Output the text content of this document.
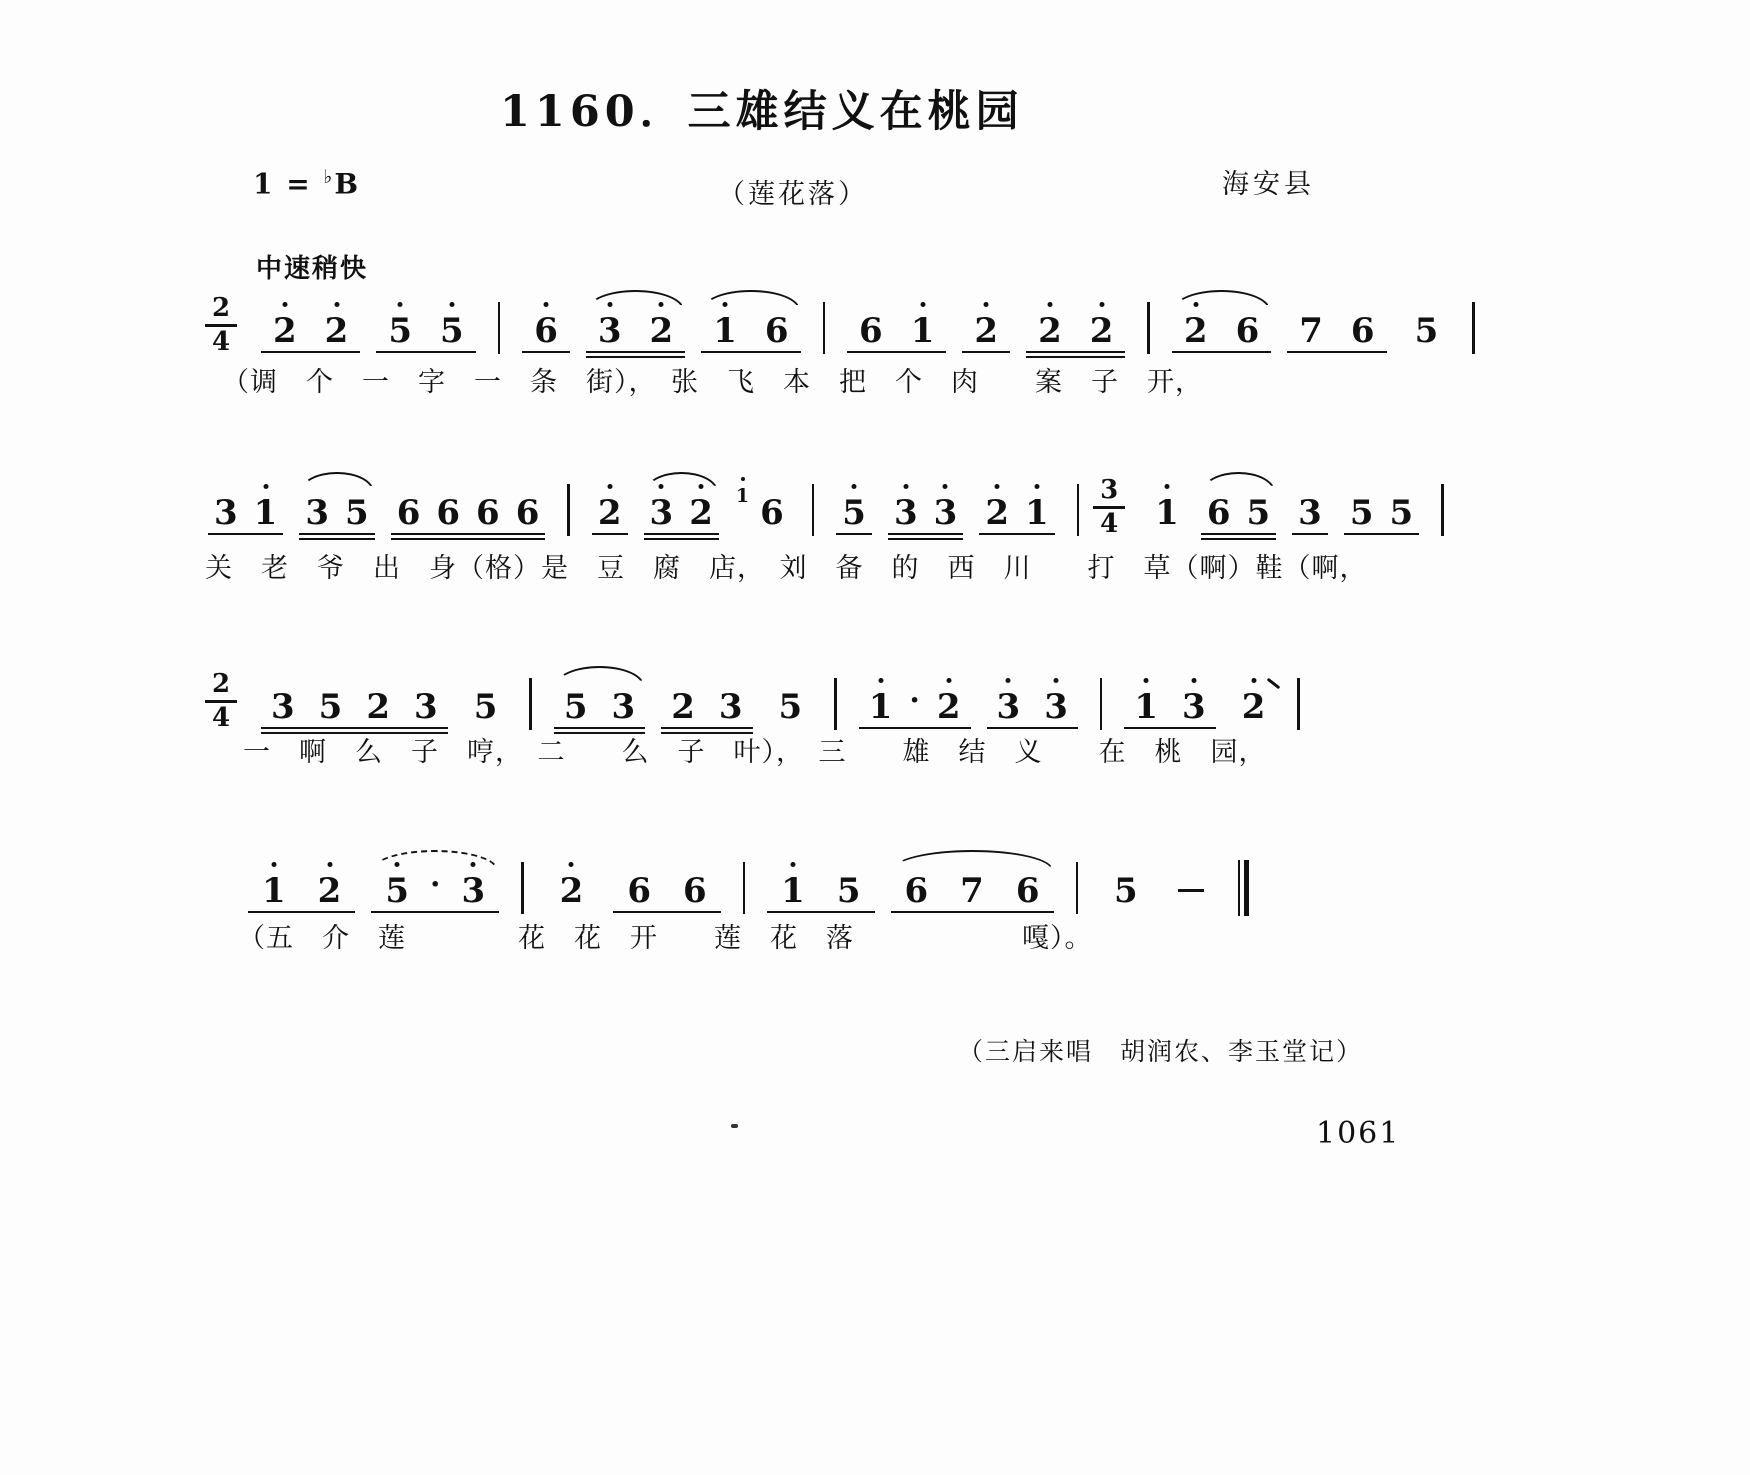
1160．三雄结义在桃园
1 = ♭B	（莲花落）	海安县
中速稍快
2
4 2 2 5 5 6 3 2 1 6 6 1 2 2 2 2 6 7 6 5
（调　个　一　字　一　条　街），　张　飞　本　把　个　肉　　案　子　开，
3 1 3 5 6 6 6 6 2 3 2 1 6 5 3 3 2 1
3
4 1 6 5 3 5 5
关　老　爷　出　身（格）是　豆　腐　店，　刘　备　的　西　川　　打　草（啊）鞋（啊，
2
4 3 5 2 3 5 5 3 2 3 5 1 · 2 3 3 1 3 2
一　啊　么　子　哼，　二　　么　子　叶），　三　　雄　结　义　　在　桃　园，
1 2 5 · 3 2 6 6 1 5 6 7 6 5
（五　介　莲　　　　花　花　开　　莲　花　落　　　　　　嘎）。
（三启来唱　胡润农、李玉堂记）
1061
